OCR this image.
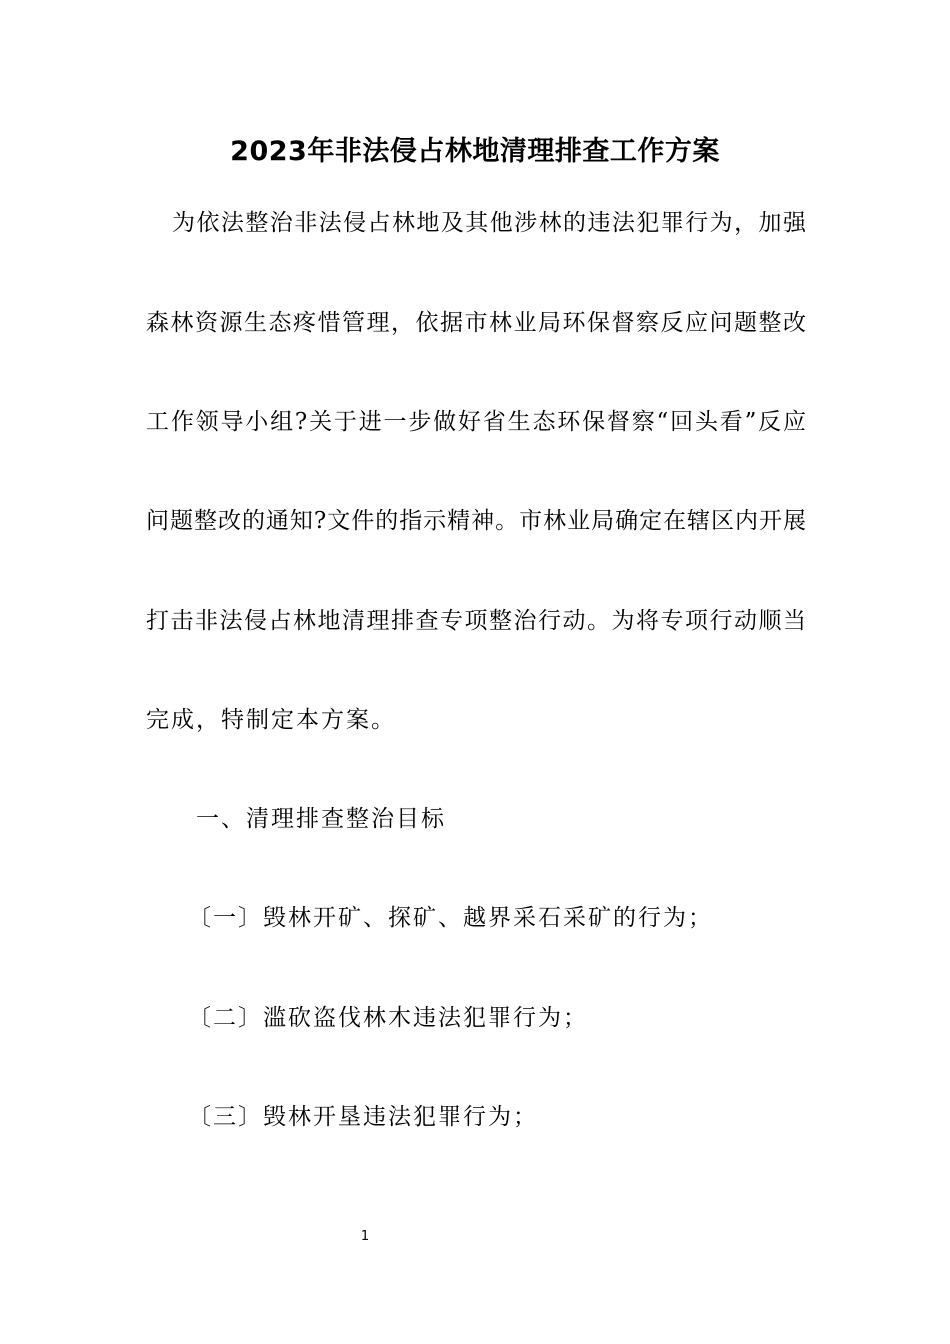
2023年非法侵占林地清理排查工作方案
为依法整治非法侵占林地及其他涉林的违法犯罪行为，加强
森林资源生态疼惜管理，依据市林业局环保督察反应问题整改
工作领导小组?关于进一步做好省生态环保督察“回头看”反应
问题整改的通知?文件的指示精神。市林业局确定在辖区内开展
打击非法侵占林地清理排查专项整治行动。为将专项行动顺当
完成，特制定本方案。
一、清理排查整治目标
〔一〕毁林开矿、探矿、越界采石采矿的行为；
〔二〕滥砍盗伐林木违法犯罪行为；
〔三〕毁林开垦违法犯罪行为；
1
